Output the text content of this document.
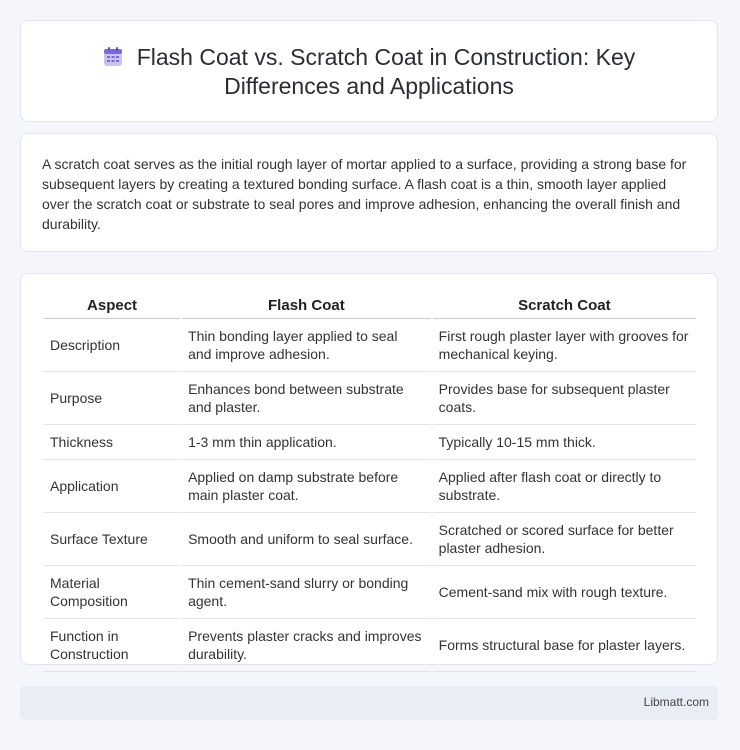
Flash Coat vs. Scratch Coat in Construction: Key Differences and Applications

A scratch coat serves as the initial rough layer of mortar applied to a surface, providing a strong base for subsequent layers by creating a textured bonding surface. A flash coat is a thin, smooth layer applied over the scratch coat or substrate to seal pores and improve adhesion, enhancing the overall finish and durability.

Aspect	Flash Coat	Scratch Coat
Description	Thin bonding layer applied to seal and improve adhesion.	First rough plaster layer with grooves for mechanical keying.
Purpose	Enhances bond between substrate and plaster.	Provides base for subsequent plaster coats.
Thickness	1-3 mm thin application.	Typically 10-15 mm thick.
Application	Applied on damp substrate before main plaster coat.	Applied after flash coat or directly to substrate.
Surface Texture	Smooth and uniform to seal surface.	Scratched or scored surface for better plaster adhesion.
Material Composition	Thin cement-sand slurry or bonding agent.	Cement-sand mix with rough texture.
Function in Construction	Prevents plaster cracks and improves durability.	Forms structural base for plaster layers.
Libmatt.com
